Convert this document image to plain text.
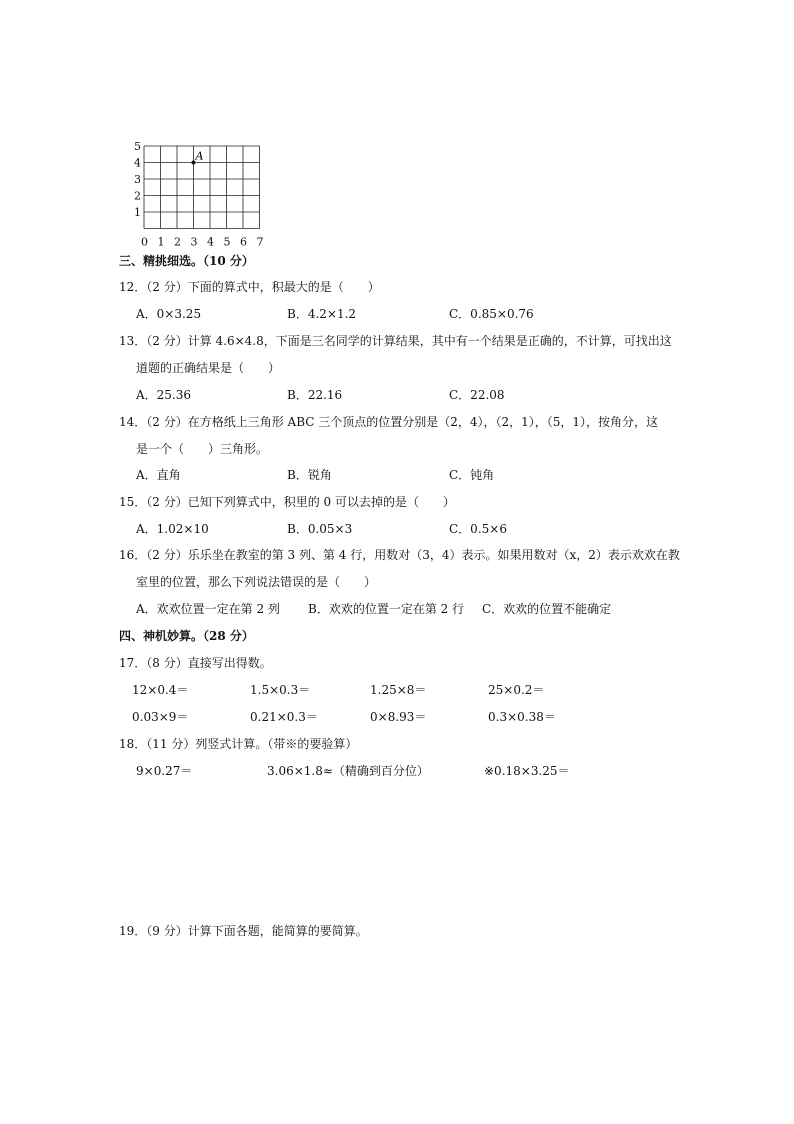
5
4
3
2
1
0 1 2 3 4 5 6 7
A
三、精挑细选。（10 分）
12．（2 分）下面的算式中，积最大的是（　　）
A．0×3.25	B．4.2×1.2	C．0.85×0.76
13．（2 分）计算 4.6×4.8，下面是三名同学的计算结果，其中有一个结果是正确的，不计算，可找出这
道题的正确结果是（　　）
A．25.36	B．22.16	C．22.08
14．（2 分）在方格纸上三角形 ABC 三个顶点的位置分别是（2，4），（2，1），（5，1），按角分，这
是一个（　　）三角形。
A．直角	B．锐角	C．钝角
15．（2 分）已知下列算式中，积里的 0 可以去掉的是（　　）
A．1.02×10	B．0.05×3	C．0.5×6
16．（2 分）乐乐坐在教室的第 3 列、第 4 行，用数对（3，4）表示。如果用数对（x，2）表示欢欢在教
室里的位置，那么下列说法错误的是（　　）
A．欢欢位置一定在第 2 列 B．欢欢的位置一定在第 2 行 C．欢欢的位置不能确定
四、神机妙算。（28 分）
17．（8 分）直接写出得数。
12×0.4＝	1.5×0.3＝	1.25×8＝	25×0.2＝
0.03×9＝	0.21×0.3＝	0×8.93＝	0.3×0.38＝
18．（11 分）列竖式计算。（带※的要验算）
9×0.27＝	3.06×1.8≈（精确到百分位）	※0.18×3.25＝
19．（9 分）计算下面各题，能简算的要简算。
